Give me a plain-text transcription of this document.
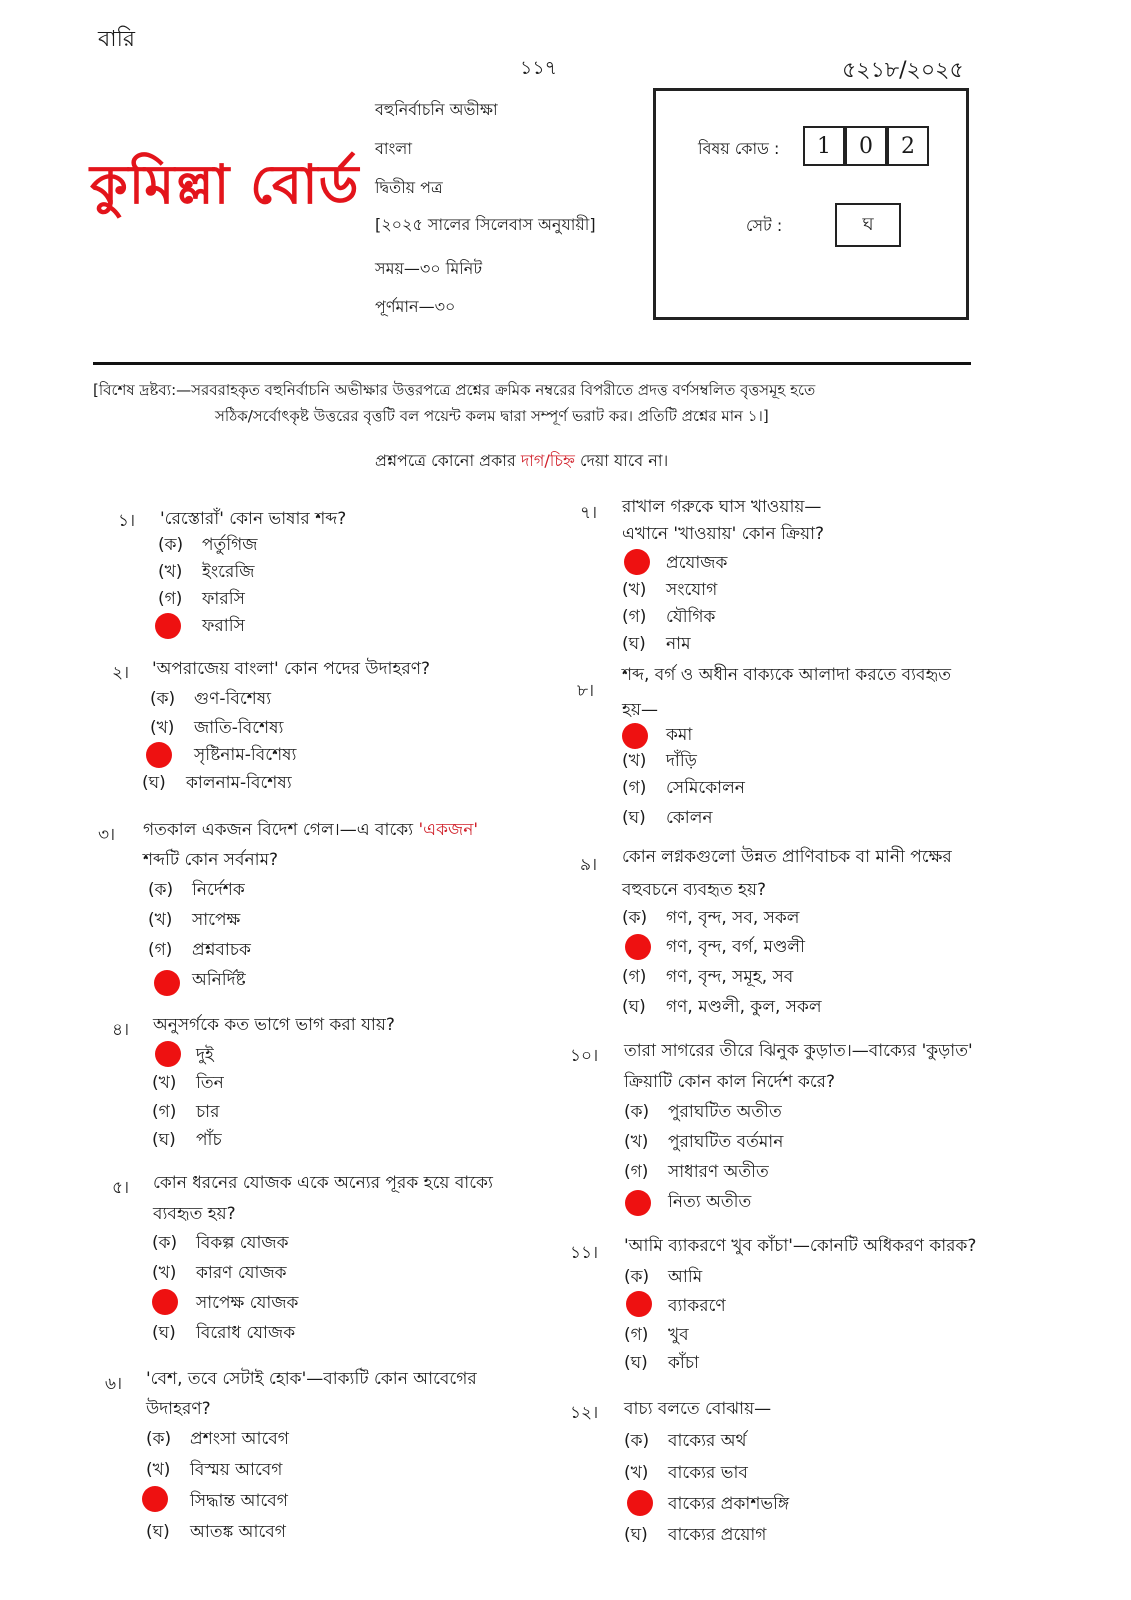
বারি
১১৭	৫২১৮/২০২৫
কুমিল্লা বোর্ড
বহুনির্বাচনি অভীক্ষা
বাংলা
দ্বিতীয় পত্র
[২০২৫ সালের সিলেবাস অনুযায়ী]
সময়—৩০ মিনিট
পূর্ণমান—৩০
বিষয় কোড :	1	0	2
সেট :	ঘ
[বিশেষ দ্রষ্টব্য:—সরবরাহকৃত বহুনির্বাচনি অভীক্ষার উত্তরপত্রে প্রশ্নের ক্রমিক নম্বরের বিপরীতে প্রদত্ত বর্ণসম্বলিত বৃত্তসমূহ হতে
সঠিক/সর্বোৎকৃষ্ট উত্তরের বৃত্তটি বল পয়েন্ট কলম দ্বারা সম্পূর্ণ ভরাট কর। প্রতিটি প্রশ্নের মান ১।]
প্রশ্নপত্রে কোনো প্রকার দাগ/চিহ্ন দেয়া যাবে না।
১। 'রেস্তোরাঁ' কোন ভাষার শব্দ?
(ক) পর্তুগিজ
(খ) ইংরেজি
(গ) ফারসি
ফরাসি
২। 'অপরাজেয় বাংলা' কোন পদের উদাহরণ?
(ক) গুণ-বিশেষ্য
(খ) জাতি-বিশেষ্য
সৃষ্টিনাম-বিশেষ্য
(ঘ) কালনাম-বিশেষ্য
৩। গতকাল একজন বিদেশ গেল।—এ বাক্যে 'একজন'
শব্দটি কোন সর্বনাম?
(ক) নির্দেশক
(খ) সাপেক্ষ
(গ) প্রশ্নবাচক
অনির্দিষ্ট
৪। অনুসর্গকে কত ভাগে ভাগ করা যায়?
দুই
(খ) তিন
(গ) চার
(ঘ) পাঁচ
৫। কোন ধরনের যোজক একে অন্যের পূরক হয়ে বাক্যে
ব্যবহৃত হয়?
(ক) বিকল্প যোজক
(খ) কারণ যোজক
সাপেক্ষ যোজক
(ঘ) বিরোধ যোজক
৬। 'বেশ, তবে সেটাই হোক'—বাক্যটি কোন আবেগের
উদাহরণ?
(ক) প্রশংসা আবেগ
(খ) বিস্ময় আবেগ
সিদ্ধান্ত আবেগ
(ঘ) আতঙ্ক আবেগ
৭। রাখাল গরুকে ঘাস খাওয়ায়—
এখানে 'খাওয়ায়' কোন ক্রিয়া?
প্রযোজক
(খ) সংযোগ
(গ) যৌগিক
(ঘ) নাম
৮।
শব্দ, বর্গ ও অধীন বাক্যকে আলাদা করতে ব্যবহৃত
হয়—
কমা
(খ) দাঁড়ি
(গ) সেমিকোলন
(ঘ) কোলন
৯। কোন লগ্নকগুলো উন্নত প্রাণিবাচক বা মানী পক্ষের
বহুবচনে ব্যবহৃত হয়?
(ক) গণ, বৃন্দ, সব, সকল
গণ, বৃন্দ, বর্গ, মণ্ডলী
(গ) গণ, বৃন্দ, সমূহ, সব
(ঘ) গণ, মণ্ডলী, কুল, সকল
১০। তারা সাগরের তীরে ঝিনুক কুড়াত।—বাক্যের 'কুড়াত'
ক্রিয়াটি কোন কাল নির্দেশ করে?
(ক) পুরাঘটিত অতীত
(খ) পুরাঘটিত বর্তমান
(গ) সাধারণ অতীত
নিত্য অতীত
১১। 'আমি ব্যাকরণে খুব কাঁচা'—কোনটি অধিকরণ কারক?
(ক) আমি
ব্যাকরণে
(গ) খুব
(ঘ) কাঁচা
১২। বাচ্য বলতে বোঝায়—
(ক) বাক্যের অর্থ
(খ) বাক্যের ভাব
বাক্যের প্রকাশভঙ্গি
(ঘ) বাক্যের প্রয়োগ
